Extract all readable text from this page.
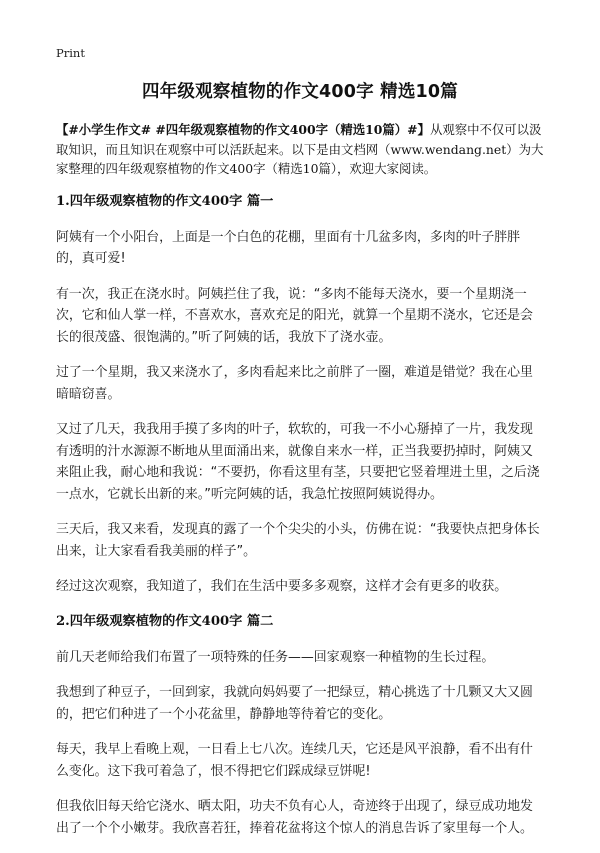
Print
四年级观察植物的作文400字 精选10篇

【#小学生作文# #四年级观察植物的作文400字（精选10篇）#】从观察中不仅可以汲取知识，而且知识在观察中可以活跃起来。以下是由文档网（www.wendang.net）为大家整理的四年级观察植物的作文400字（精选10篇），欢迎大家阅读。

1.四年级观察植物的作文400字 篇一

阿姨有一个小阳台，上面是一个白色的花棚，里面有十几盆多肉，多肉的叶子胖胖的，真可爱!

有一次，我正在浇水时。阿姨拦住了我，说：“多肉不能每天浇水，要一个星期浇一次，它和仙人掌一样，不喜欢水，喜欢充足的阳光，就算一个星期不浇水，它还是会长的很茂盛、很饱满的。”听了阿姨的话，我放下了浇水壶。

过了一个星期，我又来浇水了，多肉看起来比之前胖了一圈，难道是错觉？我在心里暗暗窃喜。

又过了几天，我我用手摸了多肉的叶子，软软的，可我一不小心掰掉了一片，我发现有透明的汁水源源不断地从里面涌出来，就像自来水一样，正当我要扔掉时，阿姨又来阻止我，耐心地和我说：“不要扔，你看这里有茎，只要把它竖着埋进土里，之后浇一点水，它就长出新的来。”听完阿姨的话，我急忙按照阿姨说得办。

三天后，我又来看，发现真的露了一个个尖尖的小头，仿佛在说：“我要快点把身体长出来，让大家看看我美丽的样子”。

经过这次观察，我知道了，我们在生活中要多多观察，这样才会有更多的收获。

2.四年级观察植物的作文400字 篇二

前几天老师给我们布置了一项特殊的任务——回家观察一种植物的生长过程。

我想到了种豆子，一回到家，我就向妈妈要了一把绿豆，精心挑选了十几颗又大又圆的，把它们种进了一个小花盆里，静静地等待着它的变化。

每天，我早上看晚上观，一日看上七八次。连续几天，它还是风平浪静，看不出有什么变化。这下我可着急了，恨不得把它们踩成绿豆饼呢!

但我依旧每天给它浇水、晒太阳，功夫不负有心人，奇迹终于出现了，绿豆成功地发出了一个个小嫩芽。我欣喜若狂，捧着花盆将这个惊人的消息告诉了家里每一个人。
